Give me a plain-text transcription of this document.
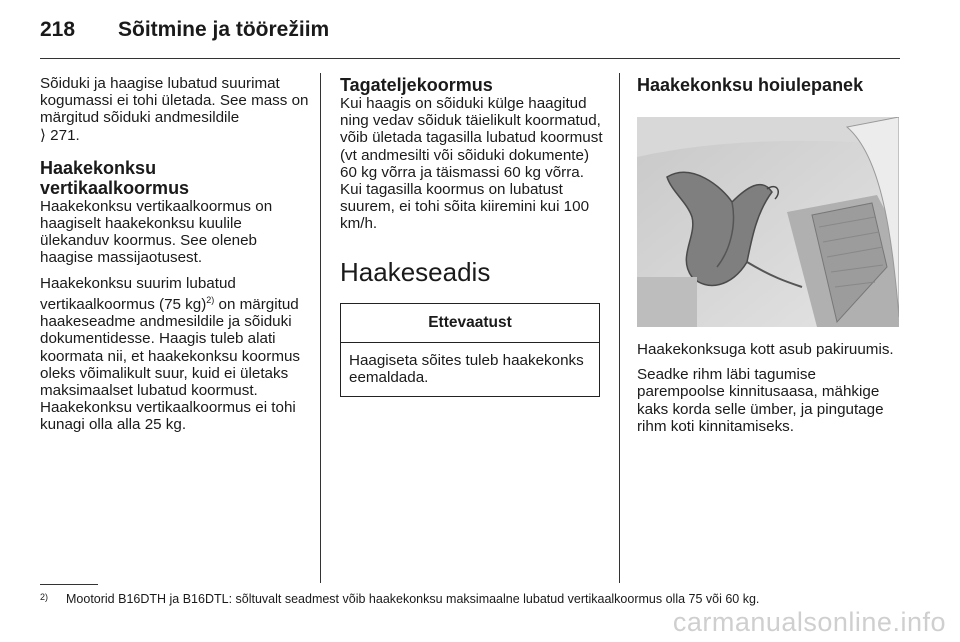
218 Sõitmine ja töörežiim

Sõiduki ja haagise lubatud suurimat kogumassi ei tohi ületada. See mass on märgitud sõiduki andmesildile
⟩ 271.

Haakekonksu vertikaalkoormus

Haakekonksu vertikaalkoormus on haagiselt haakekonksu kuulile ülekanduv koormus. See oleneb haagise massijaotusest.

Haakekonksu suurim lubatud vertikaalkoormus (75 kg)$^{2)}$ on märgitud haakeseadme andmesildile ja sõiduki dokumentidesse. Haagis tuleb alati koormata nii, et haakekonksu koormus oleks võimalikult suur, kuid ei ületaks maksimaalset lubatud koormust. Haakekonksu vertikaalkoormus ei tohi kunagi olla alla 25 kg.

Tagateljekoormus

Kui haagis on sõiduki külge haagitud ning vedav sõiduk täielikult koormatud, võib ületada tagasilla lubatud koormust (vt andmesilti või sõiduki dokumente) 60 kg võrra ja täismassi 60 kg võrra. Kui tagasilla koormus on lubatust suurem, ei tohi sõita kiiremini kui 100 km/h.

Haakeseadis
Ettevaatust
Haagiseta sõites tuleb haakekonks eemaldada.
Haakekonksu hoiulepanek

Haakekonksuga kott asub pakiruumis.

Seadke rihm läbi tagumise parempoolse kinnitusaasa, mähkige kaks korda selle ümber, ja pingutage rihm koti kinnitamiseks.

$^{2)}$ Mootorid B16DTH ja B16DTL: sõltuvalt seadmest võib haakekonksu maksimaalne lubatud vertikaalkoormus olla 75 või 60 kg.
carmanualsonline.info
